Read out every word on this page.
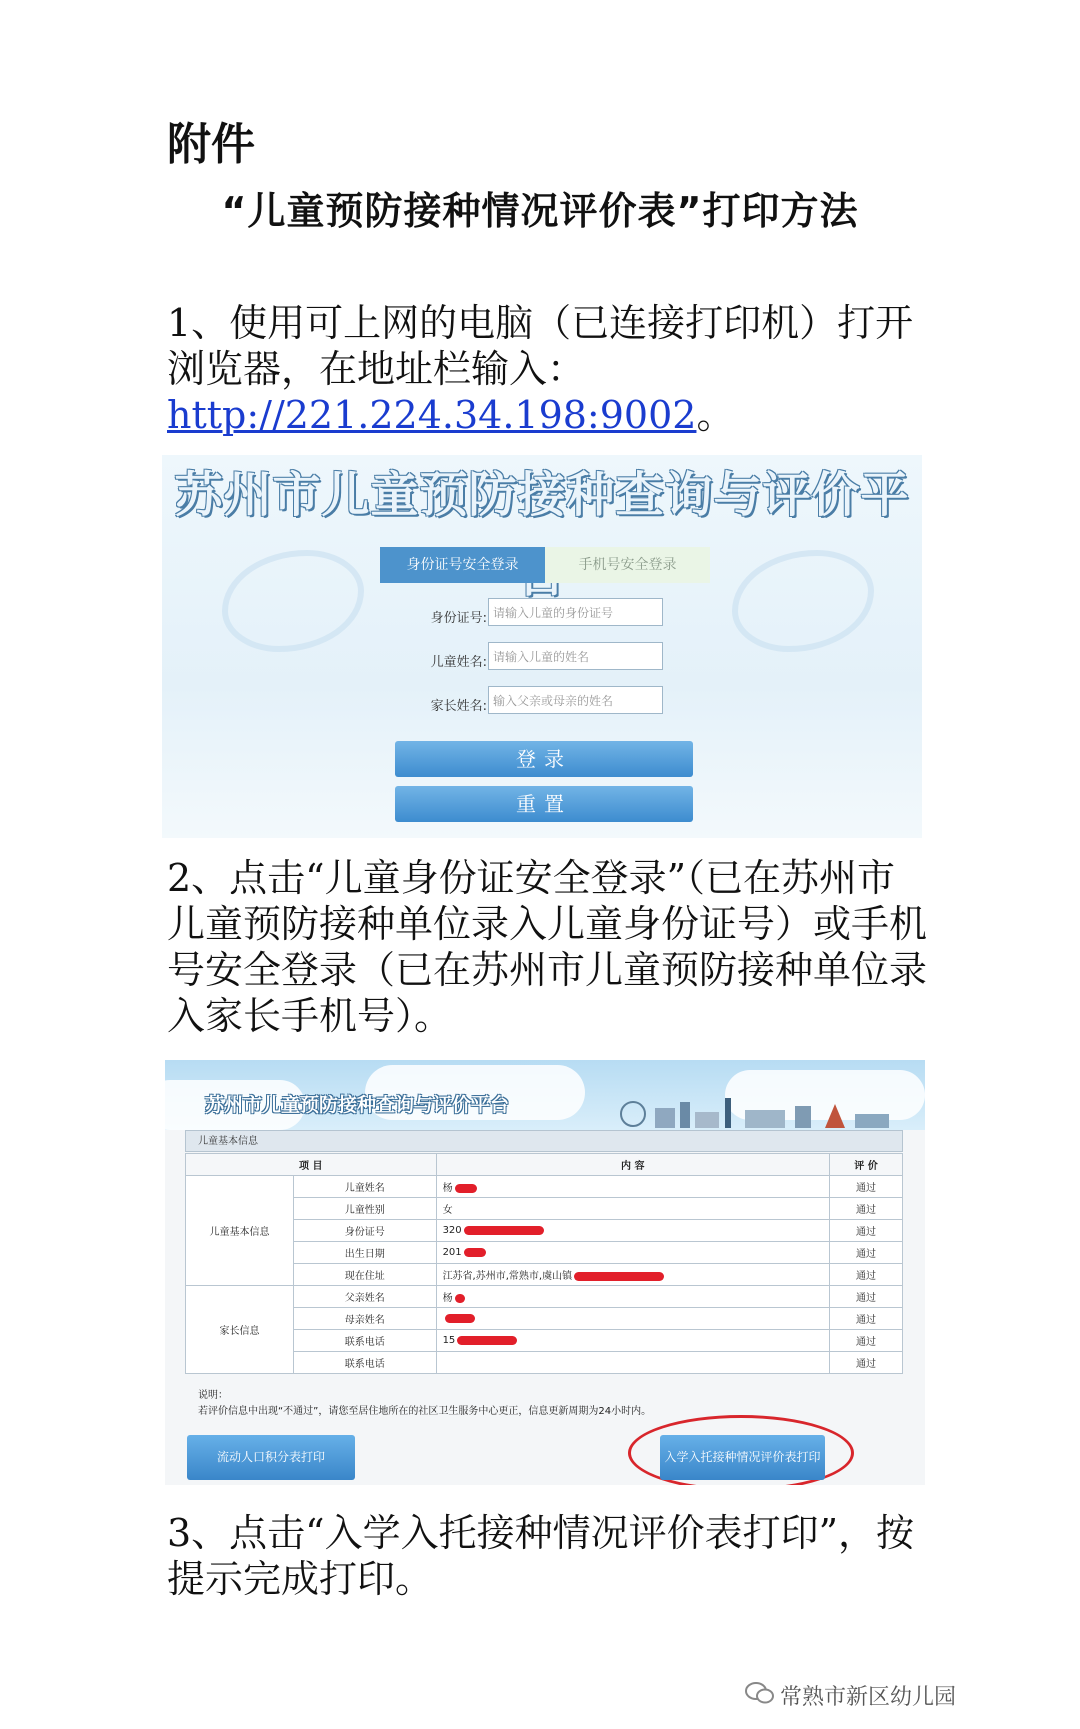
附件
“儿童预防接种情况评价表”打印方法
1、使用可上网的电脑（已连接打印机）打开浏览器，在地址栏输入：http://221.224.34.198:9002。
苏州市儿童预防接种查询与评价平
身份证号安全登录	手机号安全登录
身份证号: 请输入儿童的身份证号
儿童姓名: 请输入儿童的姓名
家长姓名: 输入父亲或母亲的姓名
登录
重置
2、点击“儿童身份证安全登录”（已在苏州市儿童预防接种单位录入儿童身份证号）或手机号安全登录（已在苏州市儿童预防接种单位录入家长手机号）。
苏州市儿童预防接种查询与评价平台
儿童基本信息
项 目		内 容	评 价
儿童基本信息	儿童姓名	杨	通过
	儿童性别	女	通过
	身份证号	320	通过
	出生日期	201	通过
	现在住址	江苏省,苏州市,常熟市,虞山镇	通过
家长信息	父亲姓名	杨	通过
	母亲姓名		通过
	联系电话	15	通过
	联系电话		通过
说明：
若评价信息中出现“不通过”，请您至居住地所在的社区卫生服务中心更正，信息更新周期为24小时内。
流动人口积分表打印	入学入托接种情况评价表打印
3、点击“入学入托接种情况评价表打印”，按提示完成打印。
常熟市新区幼儿园
